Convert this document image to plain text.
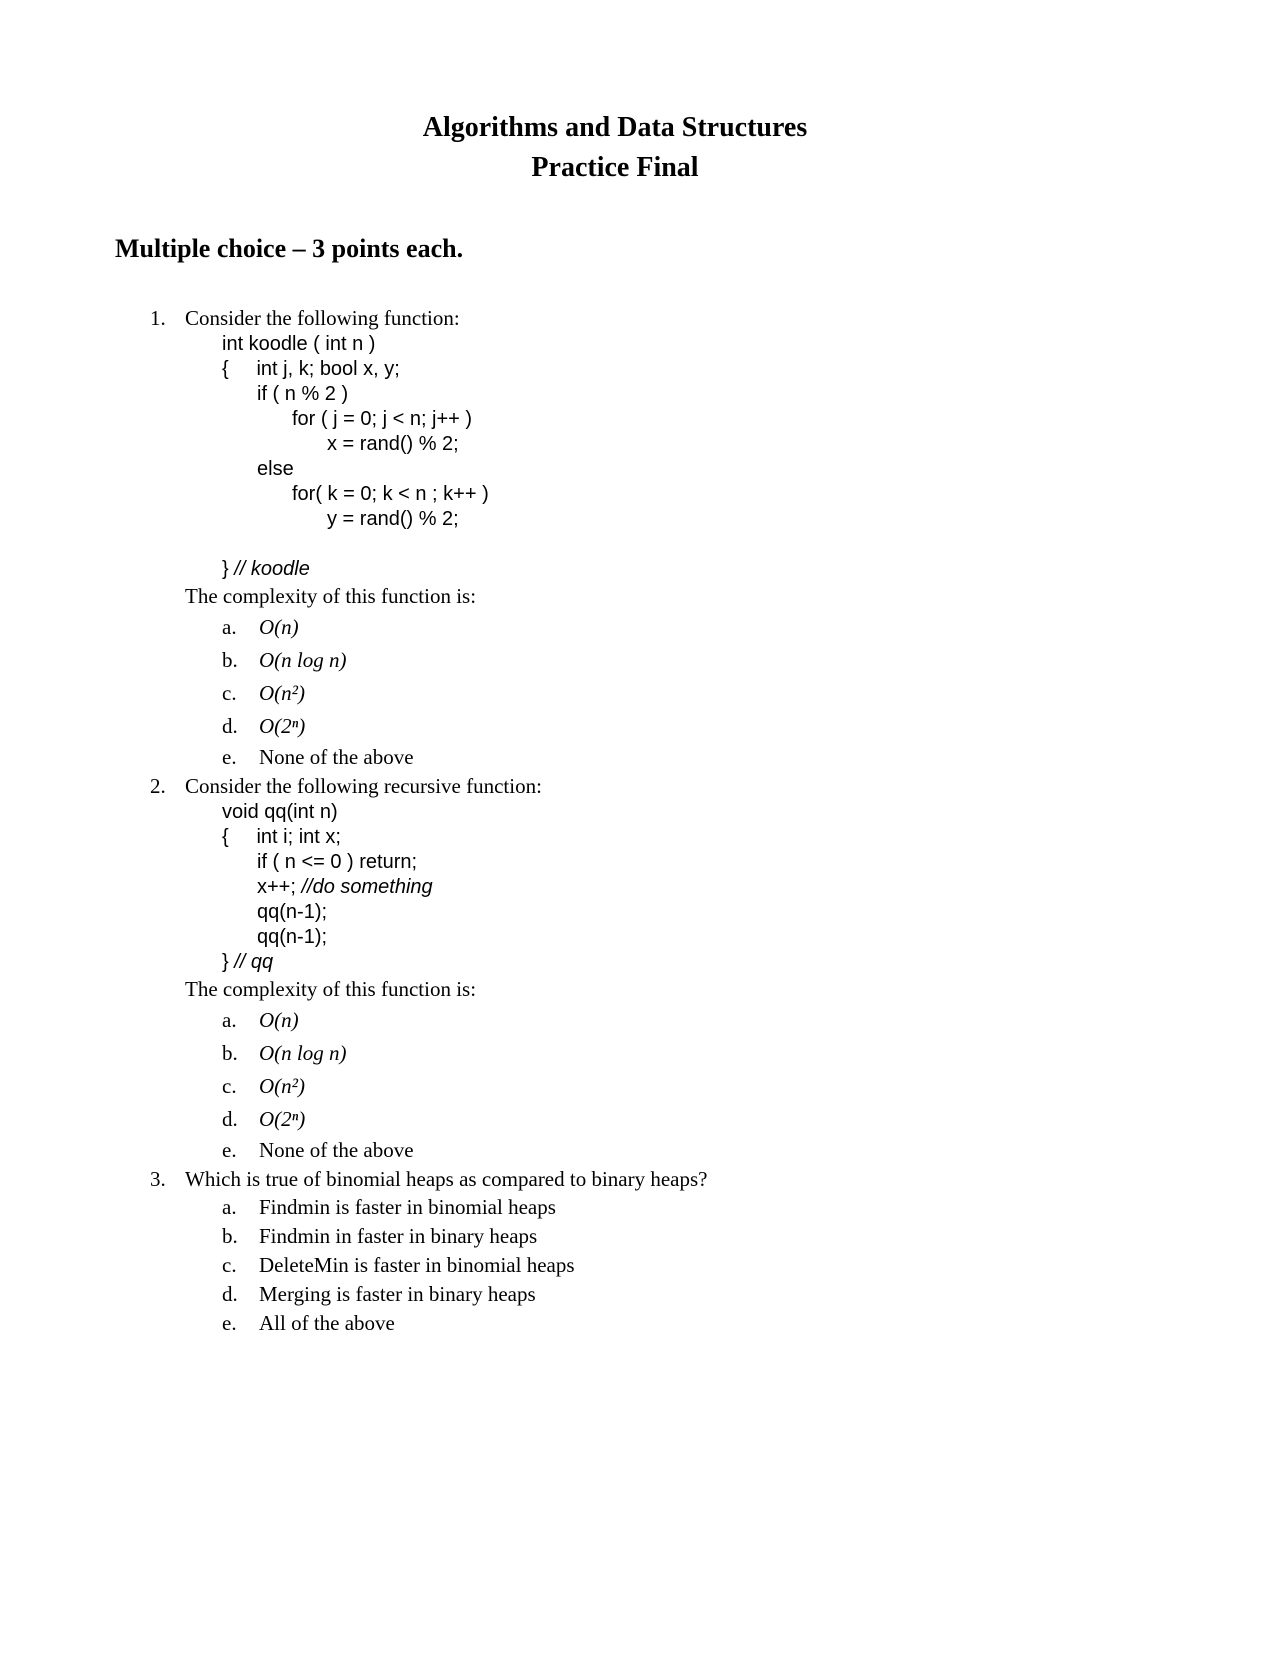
Algorithms and Data Structures
Practice Final
Multiple choice – 3 points each.
1. Consider the following function:
int koodle ( int n )
{     int j, k; bool x, y;
if ( n % 2 )
for ( j = 0; j < n; j++ )
x = rand() % 2;
else
for( k = 0; k < n ; k++ )
y = rand() % 2;

} // koodle
The complexity of this function is:
a.	O(n)
b.	O(n log n)
c.	O(n²)
d.	O(2ⁿ)
e.	None of the above
2. Consider the following recursive function:
void qq(int n)
{     int i; int x;
if ( n <= 0 ) return;
x++; //do something
qq(n-1);
qq(n-1);
} // qq
The complexity of this function is:
a.	O(n)
b.	O(n log n)
c.	O(n²)
d.	O(2ⁿ)
e.	None of the above
3. Which is true of binomial heaps as compared to binary heaps?
a.	Findmin is faster in binomial heaps
b.	Findmin in faster in binary heaps
c.	DeleteMin is faster in binomial heaps
d.	Merging is faster in binary heaps
e.	All of the above
